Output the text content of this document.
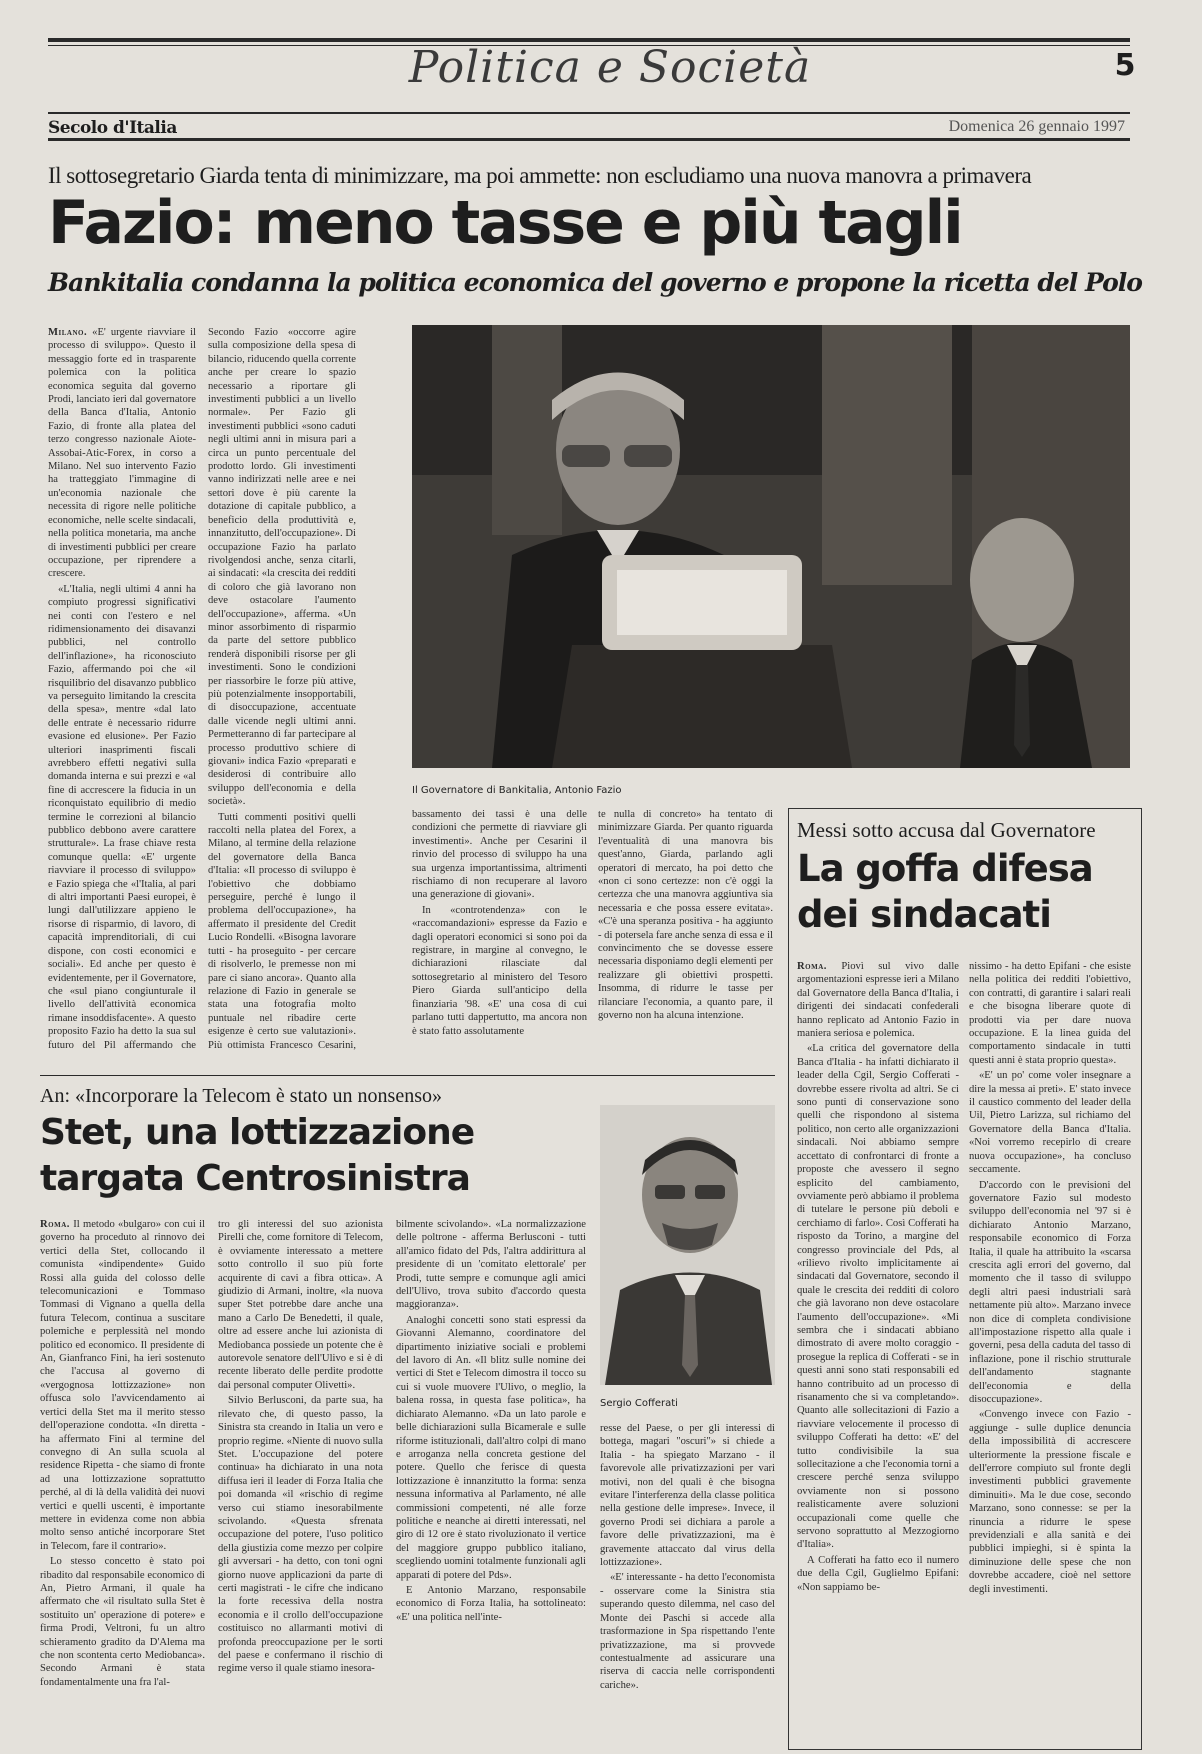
Politica e Società	5
Secolo d'Italia	Domenica 26 gennaio 1997
Il sottosegretario Giarda tenta di minimizzare, ma poi ammette: non escludiamo una nuova manovra a primavera
Fazio: meno tasse e più tagli
Bankitalia condanna la politica economica del governo e propone la ricetta del Polo

Milano. «E' urgente riavviare il processo di sviluppo». Questo il messaggio forte ed in trasparente polemica con la politica economica seguita dal governo Prodi, lanciato ieri dal governatore della Banca d'Italia, Antonio Fazio, di fronte alla platea del terzo congresso nazionale Aiote-Assobai-Atic-Forex, in corso a Milano. Nel suo intervento Fazio ha tratteggiato l'immagine di un'economia nazionale che necessita di rigore nelle politiche economiche, nelle scelte sindacali, nella politica monetaria, ma anche di investimenti pubblici per creare occupazione, per riprendere a crescere.

«L'Italia, negli ultimi 4 anni ha compiuto progressi significativi nei conti con l'estero e nel ridimensionamento dei disavanzi pubblici, nel controllo dell'inflazione», ha riconosciuto Fazio, affermando poi che «il risquilibrio del disavanzo pubblico va perseguito limitando la crescita della spesa», mentre «dal lato delle entrate è necessario ridurre evasione ed elusione». Per Fazio ulteriori inasprimenti fiscali avrebbero effetti negativi sulla domanda interna e sui prezzi e «al fine di accrescere la fiducia in un riconquistato equilibrio di medio termine le correzioni al bilancio pubblico debbono avere carattere strutturale». La frase chiave resta comunque quella: «E' urgente riavviare il processo di sviluppo» e Fazio spiega che «l'Italia, al pari di altri importanti Paesi europei, è lungi dall'utilizzare appieno le risorse di risparmio, di lavoro, di capacità imprenditoriali, di cui dispone, con costi economici e sociali». Ed anche per questo è evidentemente, per il Governatore, che «sul piano congiunturale il livello dell'attività economica rimane insoddisfacente». A questo proposito Fazio ha detto la sua sul futuro del Pil affermando che

Secondo Fazio «occorre agire sulla composizione della spesa di bilancio, riducendo quella corrente anche per creare lo spazio necessario a riportare gli investimenti pubblici a un livello normale». Per Fazio gli investimenti pubblici «sono caduti negli ultimi anni in misura pari a circa un punto percentuale del prodotto lordo. Gli investimenti vanno indirizzati nelle aree e nei settori dove è più carente la dotazione di capitale pubblico, a beneficio della produttività e, innanzitutto, dell'occupazione». Di occupazione Fazio ha parlato rivolgendosi anche, senza citarli, ai sindacati: «la crescita dei redditi di coloro che già lavorano non deve ostacolare l'aumento dell'occupazione», afferma. «Un minor assorbimento di risparmio da parte del settore pubblico renderà disponibili risorse per gli investimenti. Sono le condizioni per riassorbire le forze più attive, più potenzialmente insopportabili, di disoccupazione, accentuate dalle vicende negli ultimi anni. Permetteranno di far partecipare al processo produttivo schiere di giovani» indica Fazio «preparati e desiderosi di contribuire allo sviluppo dell'economia e della società».

Tutti commenti positivi quelli raccolti nella platea del Forex, a Milano, al termine della relazione del governatore della Banca d'Italia: «Il processo di sviluppo è l'obiettivo che dobbiamo perseguire, perché è lungo il problema dell'occupazione», ha affermato il presidente del Credit Lucio Rondelli. «Bisogna lavorare tutti - ha proseguito - per cercare di risolverlo, le premesse non mi pare ci siano ancora». Quanto alla relazione di Fazio in generale se stata una fotografia molto puntuale nel ribadire certe esigenze è certo sue valutazioni». Più ottimista Francesco Cesarini,

Il Governatore di Bankitalia, Antonio Fazio

bassamento dei tassi è una delle condizioni che permette di riavviare gli investimenti». Anche per Cesarini il rinvio del processo di sviluppo ha una sua urgenza importantissima, altrimenti rischiamo di non recuperare al lavoro una generazione di giovani».

In «controtendenza» con le «raccomandazioni» espresse da Fazio e dagli operatori economici si sono poi da registrare, in margine al convegno, le dichiarazioni rilasciate dal sottosegretario al ministero del Tesoro Piero Giarda sull'anticipo della finanziaria '98. «E' una cosa di cui parlano tutti dappertutto, ma ancora non è stato fatto assolutamente

te nulla di concreto» ha tentato di minimizzare Giarda. Per quanto riguarda l'eventualità di una manovra bis quest'anno, Giarda, parlando agli operatori di mercato, ha poi detto che «non ci sono certezze: non c'è oggi la certezza che una manovra aggiuntiva sia necessaria e che possa essere evitata». «C'è una speranza positiva - ha aggiunto - di potersela fare anche senza di essa e il convincimento che se dovesse essere necessaria disponiamo degli elementi per realizzare gli obiettivi prospetti. Insomma, di ridurre le tasse per rilanciare l'economia, a quanto pare, il governo non ha alcuna intenzione.

Messi sotto accusa dal Governatore
La goffa difesa dei sindacati

Roma. Piovì sul vivo dalle argomentazioni espresse ieri a Milano dal Governatore della Banca d'Italia, i dirigenti dei sindacati confederali hanno replicato ad Antonio Fazio in maniera seriosa e polemica.

«La critica del governatore della Banca d'Italia - ha infatti dichiarato il leader della Cgil, Sergio Cofferati - dovrebbe essere rivolta ad altri. Se ci sono punti di conservazione sono quelli che rispondono al sistema politico, non certo alle organizzazioni sindacali. Noi abbiamo sempre accettato di confrontarci di fronte a proposte che avessero il segno esplicito del cambiamento, ovviamente però abbiamo il problema di tutelare le persone più deboli e cerchiamo di farlo». Così Cofferati ha risposto da Torino, a margine del congresso provinciale del Pds, al «rilievo rivolto implicitamente ai sindacati dal Governatore, secondo il quale le crescita dei redditi di coloro che già lavorano non deve ostacolare l'aumento dell'occupazione». «Mi sembra che i sindacati abbiano dimostrato di avere molto coraggio - prosegue la replica di Cofferati - se in questi anni sono stati responsabili ed hanno contribuito ad un processo di risanamento che si va completando». Quanto alle sollecitazioni di Fazio a riavviare velocemente il processo di sviluppo Cofferati ha detto: «E' del tutto condivisibile la sua sollecitazione a che l'economia torni a crescere perché senza sviluppo ovviamente non si possono realisticamente avere soluzioni occupazionali come quelle che servono soprattutto al Mezzogiorno d'Italia».

A Cofferati ha fatto eco il numero due della Cgil, Guglielmo Epifani: «Non sappiamo be-

nissimo - ha detto Epifani - che esiste nella politica dei redditi l'obiettivo, con contratti, di garantire i salari reali e che bisogna liberare quote di prodotti via per dare nuova occupazione. E la linea guida del comportamento sindacale in tutti questi anni è stata proprio questa».

«E' un po' come voler insegnare a dire la messa ai preti». E' stato invece il caustico commento del leader della Uil, Pietro Larizza, sul richiamo del Governatore della Banca d'Italia. «Noi vorremo recepirlo di creare nuova occupazione», ha concluso seccamente.

D'accordo con le previsioni del governatore Fazio sul modesto sviluppo dell'economia nel '97 si è dichiarato Antonio Marzano, responsabile economico di Forza Italia, il quale ha attribuito la «scarsa crescita agli errori del governo, dal momento che il tasso di sviluppo degli altri paesi industriali sarà nettamente più alto». Marzano invece non dice di completa condivisione all'impostazione rispetto alla quale i governi, pesa della caduta del tasso di inflazione, pone il rischio strutturale dell'andamento stagnante dell'economia e della disoccupazione».

«Convengo invece con Fazio - aggiunge - sulle duplice denuncia della impossibilità di accrescere ulteriormente la pressione fiscale e dell'errore compiuto sul fronte degli investimenti pubblici gravemente diminuiti». Ma le due cose, secondo Marzano, sono connesse: se per la rinuncia a ridurre le spese previdenziali e alla sanità e dei pubblici impieghi, si è spinta la diminuzione delle spese che non dovrebbe accadere, cioè nel settore degli investimenti.

An: «Incorporare la Telecom è stato un nonsenso»
Stet, una lottizzazione targata Centrosinistra

Roma. Il metodo «bulgaro» con cui il governo ha proceduto al rinnovo dei vertici della Stet, collocando il comunista «indipendente» Guido Rossi alla guida del colosso delle telecomunicazioni e Tommaso Tommasi di Vignano a quella della futura Telecom, continua a suscitare polemiche e perplessità nel mondo politico ed economico. Il presidente di An, Gianfranco Fini, ha ieri sostenuto che l'accusa al governo di «vergognosa lottizzazione» non offusca solo l'avvicendamento ai vertici della Stet ma il merito stesso dell'operazione condotta. «In diretta - ha affermato Fini al termine del convegno di An sulla scuola al residence Ripetta - che siamo di fronte ad una lottizzazione soprattutto perché, al di là della validità dei nuovi vertici e quelli uscenti, è importante mettere in evidenza come non abbia molto senso antiché incorporare Stet in Telecom, fare il contrario».

Lo stesso concetto è stato poi ribadito dal responsabile economico di An, Pietro Armani, il quale ha affermato che «il risultato sulla Stet è sostituito un' operazione di potere» e firma Prodi, Veltroni, fu un altro schieramento gradito da D'Alema ma che non scontenta certo Mediobanca». Secondo Armani è stata fondamentalmente una fra l'al-

tro gli interessi del suo azionista Pirelli che, come fornitore di Telecom, è ovviamente interessato a mettere sotto controllo il suo più forte acquirente di cavi a fibra ottica». A giudizio di Armani, inoltre, «la nuova super Stet potrebbe dare anche una mano a Carlo De Benedetti, il quale, oltre ad essere anche lui azionista di Mediobanca possiede un potente che è autorevole senatore dell'Ulivo e si è di recente liberato delle perdite prodotte dai personal computer Olivetti».

Silvio Berlusconi, da parte sua, ha rilevato che, di questo passo, la Sinistra sta creando in Italia un vero e proprio regime. «Niente di nuovo sulla Stet. L'occupazione del potere continua» ha dichiarato in una nota diffusa ieri il leader di Forza Italia che poi domanda «il «rischio di regime verso cui stiamo inesorabilmente scivolando. «Questa sfrenata occupazione del potere, l'uso politico della giustizia come mezzo per colpire gli avversari - ha detto, con toni ogni giorno nuove applicazioni da parte di certi magistrati - le cifre che indicano la forte recessiva della nostra economia e il crollo dell'occupazione costituisco no allarmanti motivi di profonda preoccupazione per le sorti del paese e confermano il rischio di regime verso il quale stiamo inesora-

bilmente scivolando». «La normalizzazione delle poltrone - afferma Berlusconi - tutti all'amico fidato del Pds, l'altra addirittura al presidente di un 'comitato elettorale' per Prodi, tutte sempre e comunque agli amici dell'Ulivo, trova subito d'accordo questa maggioranza».

Analoghi concetti sono stati espressi da Giovanni Alemanno, coordinatore del dipartimento iniziative sociali e problemi del lavoro di An. «Il blitz sulle nomine dei vertici di Stet e Telecom dimostra il tocco su cui si vuole muovere l'Ulivo, o meglio, la balena rossa, in questa fase politica», ha dichiarato Alemanno. «Da un lato parole e belle dichiarazioni sulla Bicamerale e sulle riforme istituzionali, dall'altro colpi di mano e arroganza nella concreta gestione del potere. Quello che ferisce di questa lottizzazione è innanzitutto la forma: senza nessuna informativa al Parlamento, né alle commissioni competenti, né alle forze politiche e neanche ai diretti interessati, nel giro di 12 ore è stato rivoluzionato il vertice del maggiore gruppo pubblico italiano, scegliendo uomini totalmente funzionali agli apparati di potere del Pds».

E Antonio Marzano, responsabile economico di Forza Italia, ha sottolineato: «E' una politica nell'inte-

Sergio Cofferati

resse del Paese, o per gli interessi di bottega, magari "oscuri"» si chiede a Italia - ha spiegato Marzano - il favorevole alle privatizzazioni per vari motivi, non del quali è che bisogna evitare l'interferenza della classe politica nella gestione delle imprese». Invece, il governo Prodi sei dichiara a parole a favore delle privatizzazioni, ma è gravemente attaccato dal virus della lottizzazione».

«E' interessante - ha detto l'economista - osservare come la Sinistra stia superando questo dilemma, nel caso del Monte dei Paschi si accede alla trasformazione in Spa rispettando l'ente privatizzazione, ma si provvede contestualmente ad assicurare una riserva di caccia nelle corrispondenti cariche».
